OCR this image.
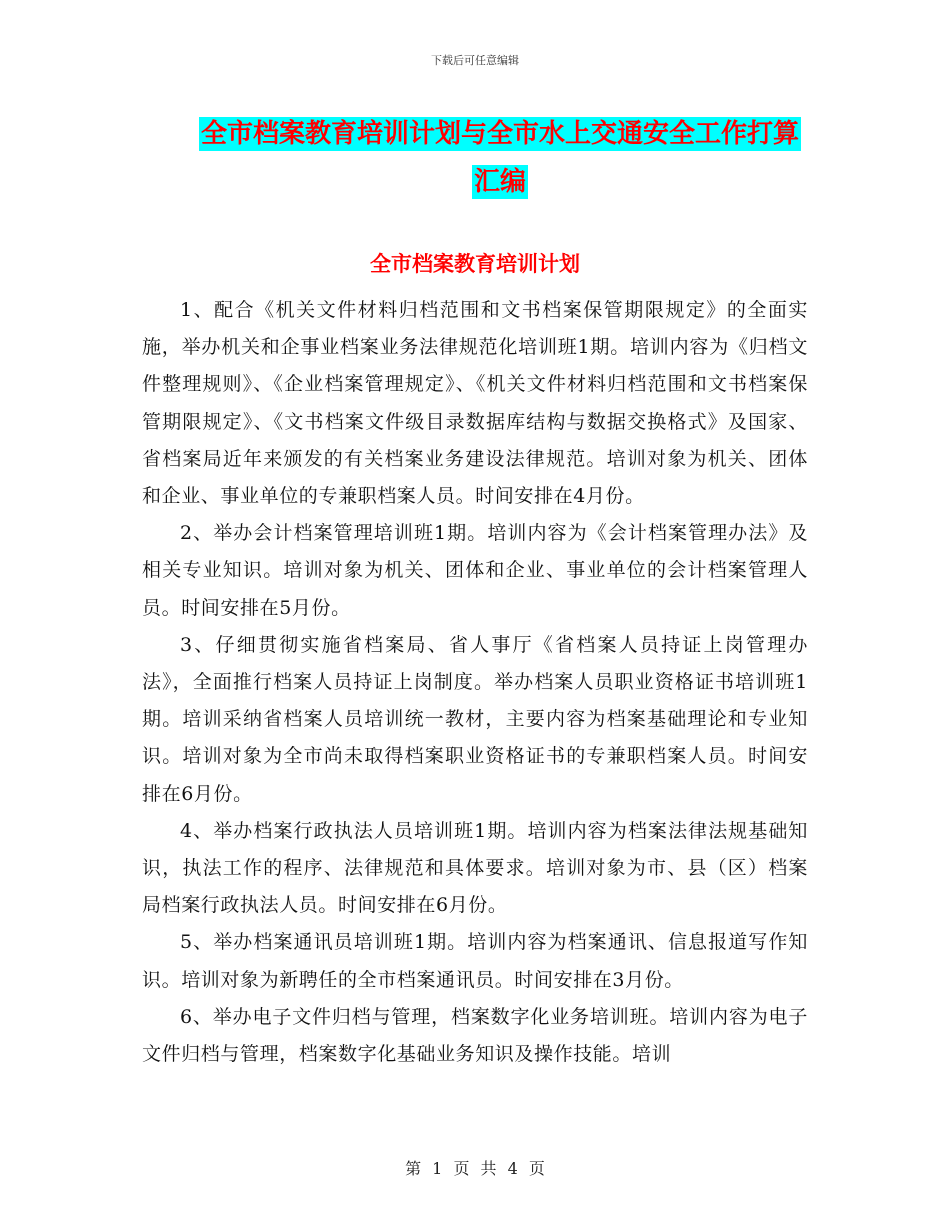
下载后可任意编辑
全市档案教育培训计划与全市水上交通安全工作打算
汇编
全市档案教育培训计划

1、配合《机关文件材料归档范围和文书档案保管期限规定》的全面实施，举办机关和企事业档案业务法律规范化培训班1期。培训内容为《归档文件整理规则》、《企业档案管理规定》、《机关文件材料归档范围和文书档案保管期限规定》、《文书档案文件级目录数据库结构与数据交换格式》及国家、省档案局近年来颁发的有关档案业务建设法律规范。培训对象为机关、团体和企业、事业单位的专兼职档案人员。时间安排在4月份。

2、举办会计档案管理培训班1期。培训内容为《会计档案管理办法》及相关专业知识。培训对象为机关、团体和企业、事业单位的会计档案管理人员。时间安排在5月份。

3、仔细贯彻实施省档案局、省人事厅《省档案人员持证上岗管理办法》，全面推行档案人员持证上岗制度。举办档案人员职业资格证书培训班1期。培训采纳省档案人员培训统一教材，主要内容为档案基础理论和专业知识。培训对象为全市尚未取得档案职业资格证书的专兼职档案人员。时间安排在6月份。

4、举办档案行政执法人员培训班1期。培训内容为档案法律法规基础知识，执法工作的程序、法律规范和具体要求。培训对象为市、县（区）档案局档案行政执法人员。时间安排在6月份。

5、举办档案通讯员培训班1期。培训内容为档案通讯、信息报道写作知识。培训对象为新聘任的全市档案通讯员。时间安排在3月份。

6、举办电子文件归档与管理，档案数字化业务培训班。培训内容为电子文件归档与管理，档案数字化基础业务知识及操作技能。培训

第 1 页 共 4 页
